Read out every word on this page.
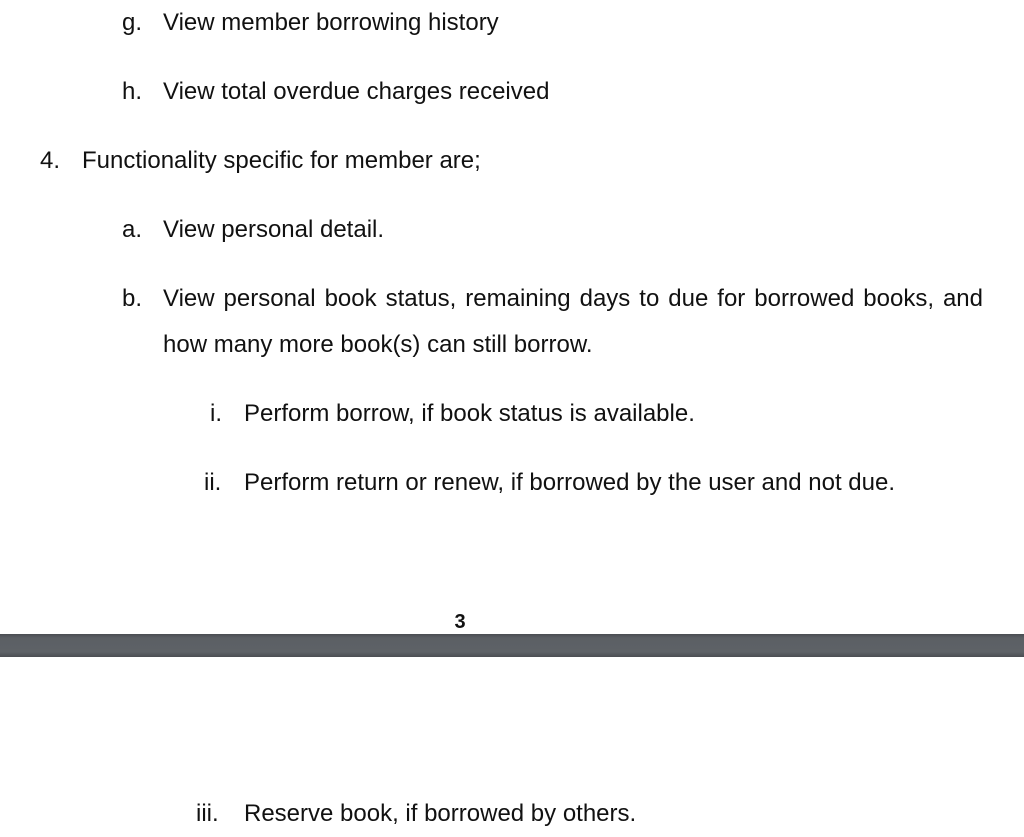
g. View member borrowing history
h. View total overdue charges received
4. Functionality specific for member are;
a. View personal detail.
b. View personal book status, remaining days to due for borrowed books, and how many more book(s) can still borrow.
i. Perform borrow, if book status is available.
ii. Perform return or renew, if borrowed by the user and not due.
3
iii. Reserve book, if borrowed by others.
